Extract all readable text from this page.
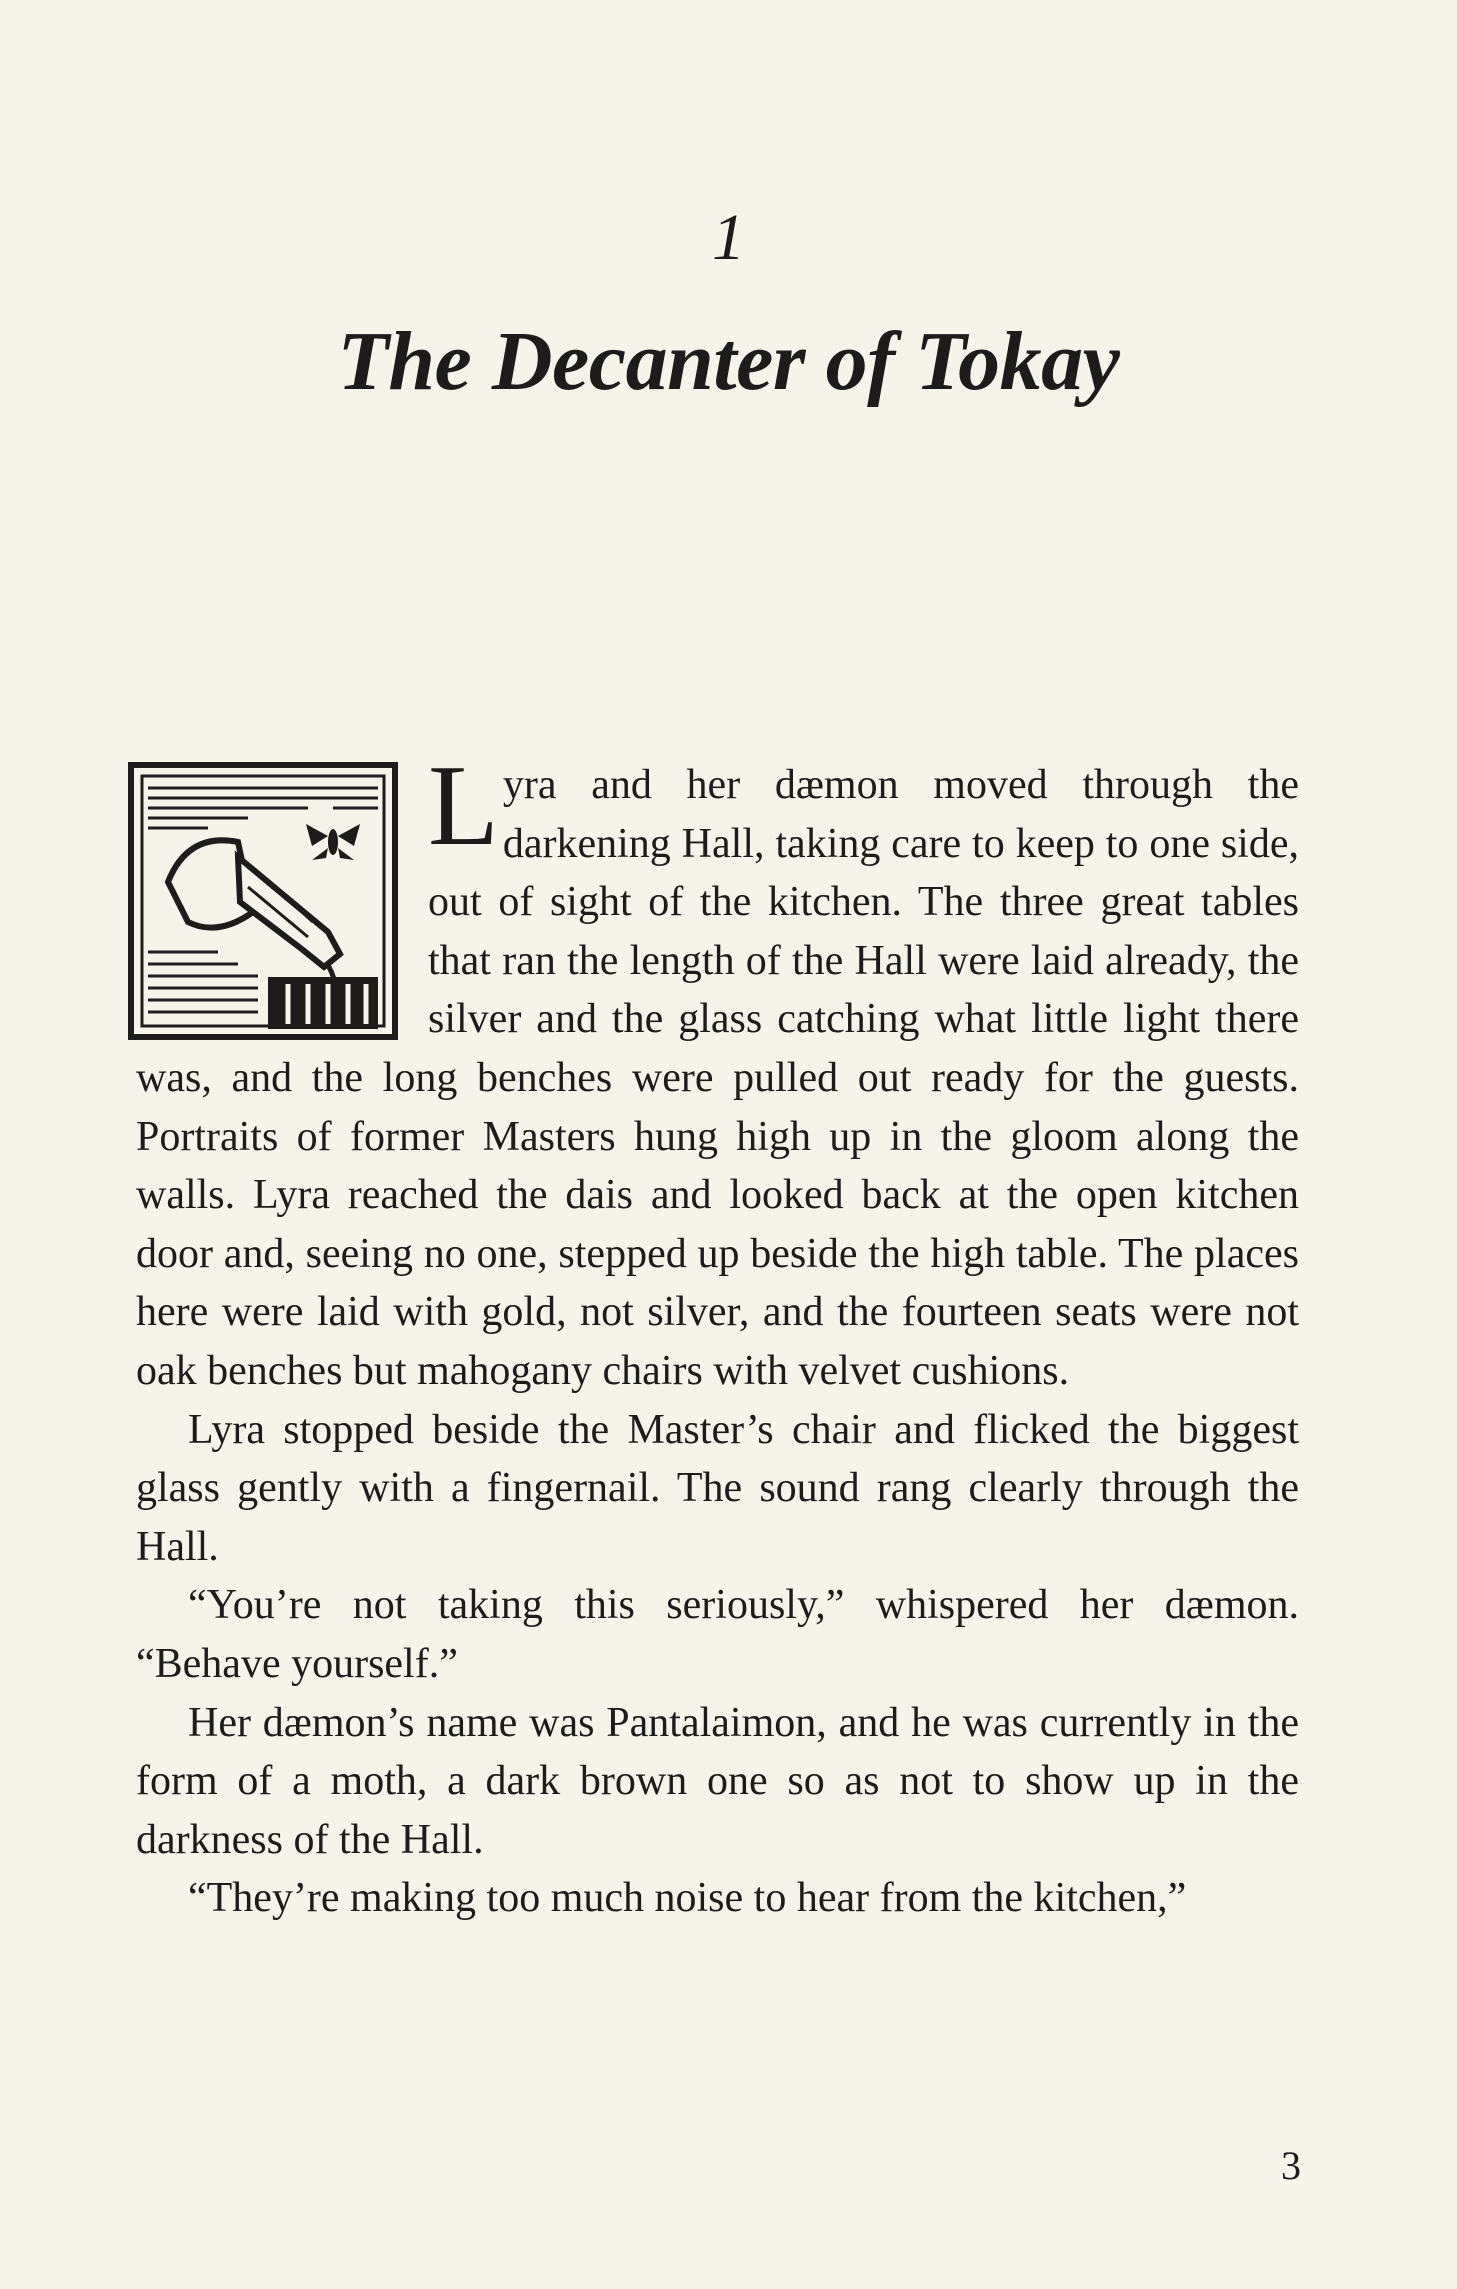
1
The Decanter of Tokay

Lyra and her dæmon moved through the darkening Hall, taking care to keep to one side, out of sight of the kitchen. The three great tables that ran the length of the Hall were laid already, the silver and the glass catching what little light there was, and the long benches were pulled out ready for the guests. Portraits of former Masters hung high up in the gloom along the walls. Lyra reached the dais and looked back at the open kitchen door and, seeing no one, stepped up beside the high table. The places here were laid with gold, not silver, and the fourteen seats were not oak benches but mahogany chairs with velvet cushions.

Lyra stopped beside the Master’s chair and flicked the biggest glass gently with a fingernail. The sound rang clearly through the Hall.

“You’re not taking this seriously,” whispered her dæmon. “Behave yourself.”

Her dæmon’s name was Pantalaimon, and he was currently in the form of a moth, a dark brown one so as not to show up in the darkness of the Hall.

“They’re making too much noise to hear from the kitchen,”

3
